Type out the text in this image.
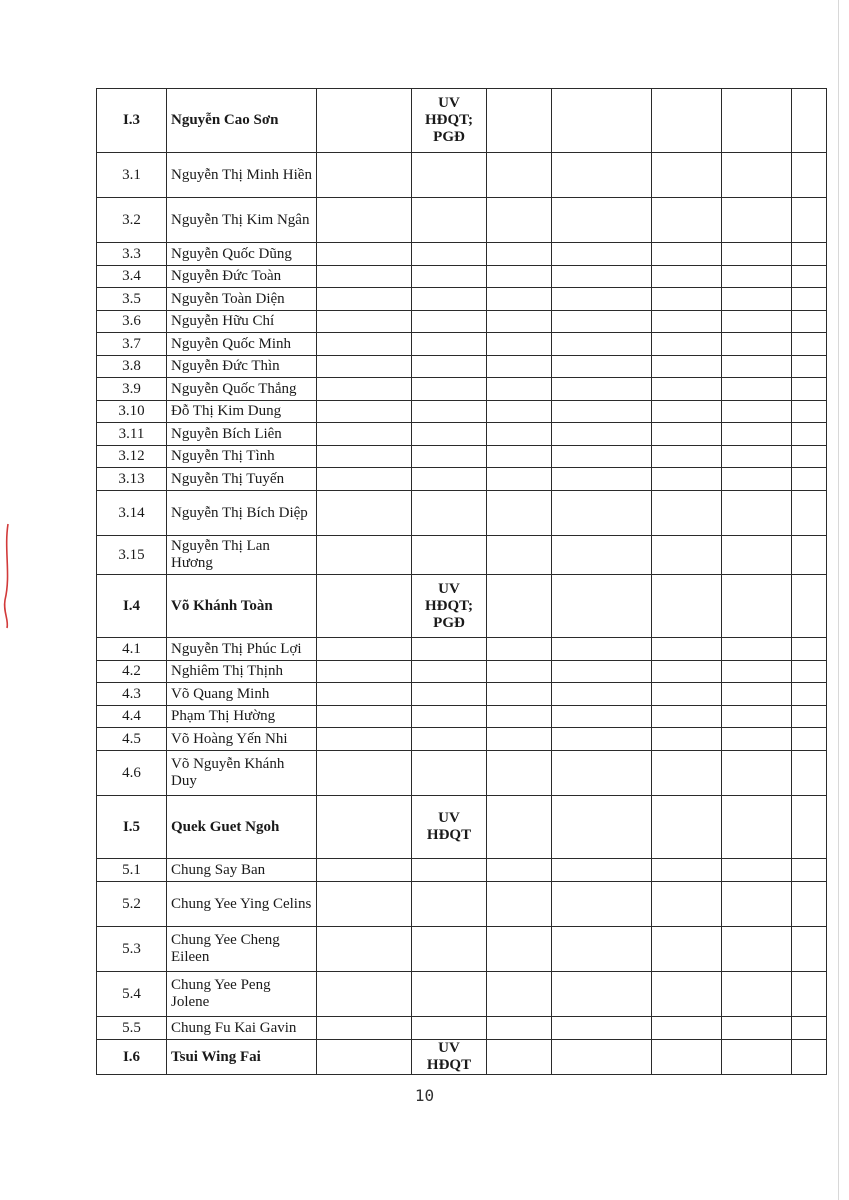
I.3	Nguyễn Cao Sơn		UV HĐQT; PGĐ					
3.1	Nguyễn Thị Minh Hiền							
3.2	Nguyễn Thị Kim Ngân							
3.3	Nguyễn Quốc Dũng							
3.4	Nguyễn Đức Toàn							
3.5	Nguyễn Toàn Diện							
3.6	Nguyễn Hữu Chí							
3.7	Nguyễn Quốc Minh							
3.8	Nguyễn Đức Thìn							
3.9	Nguyễn Quốc Thắng							
3.10	Đỗ Thị Kim Dung							
3.11	Nguyễn Bích Liên							
3.12	Nguyễn Thị Tình							
3.13	Nguyễn Thị Tuyến							
3.14	Nguyễn Thị Bích Diệp							
3.15	Nguyễn Thị Lan Hương							
I.4	Võ Khánh Toàn		UV HĐQT; PGĐ					
4.1	Nguyễn Thị Phúc Lợi							
4.2	Nghiêm Thị Thịnh							
4.3	Võ Quang Minh							
4.4	Phạm Thị Hường							
4.5	Võ Hoàng Yến Nhi							
4.6	Võ Nguyễn Khánh Duy							
I.5	Quek Guet Ngoh		UV HĐQT					
5.1	Chung Say Ban							
5.2	Chung Yee Ying Celins							
5.3	Chung Yee Cheng Eileen							
5.4	Chung Yee Peng Jolene							
5.5	Chung Fu Kai Gavin							
I.6	Tsui Wing Fai		UV HĐQT					
10
